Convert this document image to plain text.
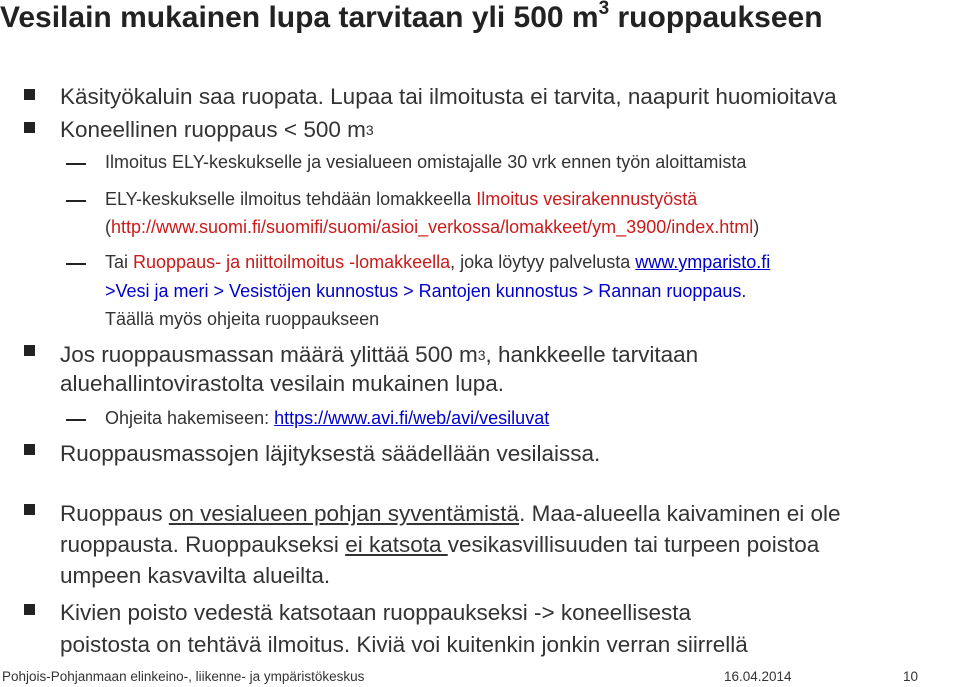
Vesilain mukainen lupa tarvitaan yli 500 $m^3$ ruoppaukseen
Käsityökaluin saa ruopata. Lupaa tai ilmoitusta ei tarvita, naapurit huomioitava
Koneellinen ruoppaus < 500 $m^3$
Ilmoitus ELY-keskukselle ja vesialueen omistajalle 30 vrk ennen työn aloittamista
ELY-keskukselle ilmoitus tehdään lomakkeella Ilmoitus vesirakennustyöstä
(http://www.suomi.fi/suomifi/suomi/asioi_verkossa/lomakkeet/ym_3900/index.html)
Tai Ruoppaus- ja niittoilmoitus -lomakkeella, joka löytyy palvelusta www.ymparisto.fi
>Vesi ja meri > Vesistöjen kunnostus > Rantojen kunnostus > Rannan ruoppaus.
Täällä myös ohjeita ruoppaukseen
Jos ruoppausmassan määrä ylittää 500 $m^3$, hankkeelle tarvitaan
aluehallintovirastolta vesilain mukainen lupa.
Ohjeita hakemiseen: https://www.avi.fi/web/avi/vesiluvat
Ruoppausmassojen läjityksestä säädellään vesilaissa.
Ruoppaus on vesialueen pohjan syventämistä. Maa-alueella kaivaminen ei ole
ruoppausta. Ruoppaukseksi ei katsota vesikasvillisuuden tai turpeen poistoa
umpeen kasvavilta alueilta.
Kivien poisto vedestä katsotaan ruoppaukseksi -> koneellisesta
poistosta on tehtävä ilmoitus. Kiviä voi kuitenkin jonkin verran siirrellä
Pohjois-Pohjanmaan elinkeino-, liikenne- ja ympäristökeskus	16.04.2014	10
